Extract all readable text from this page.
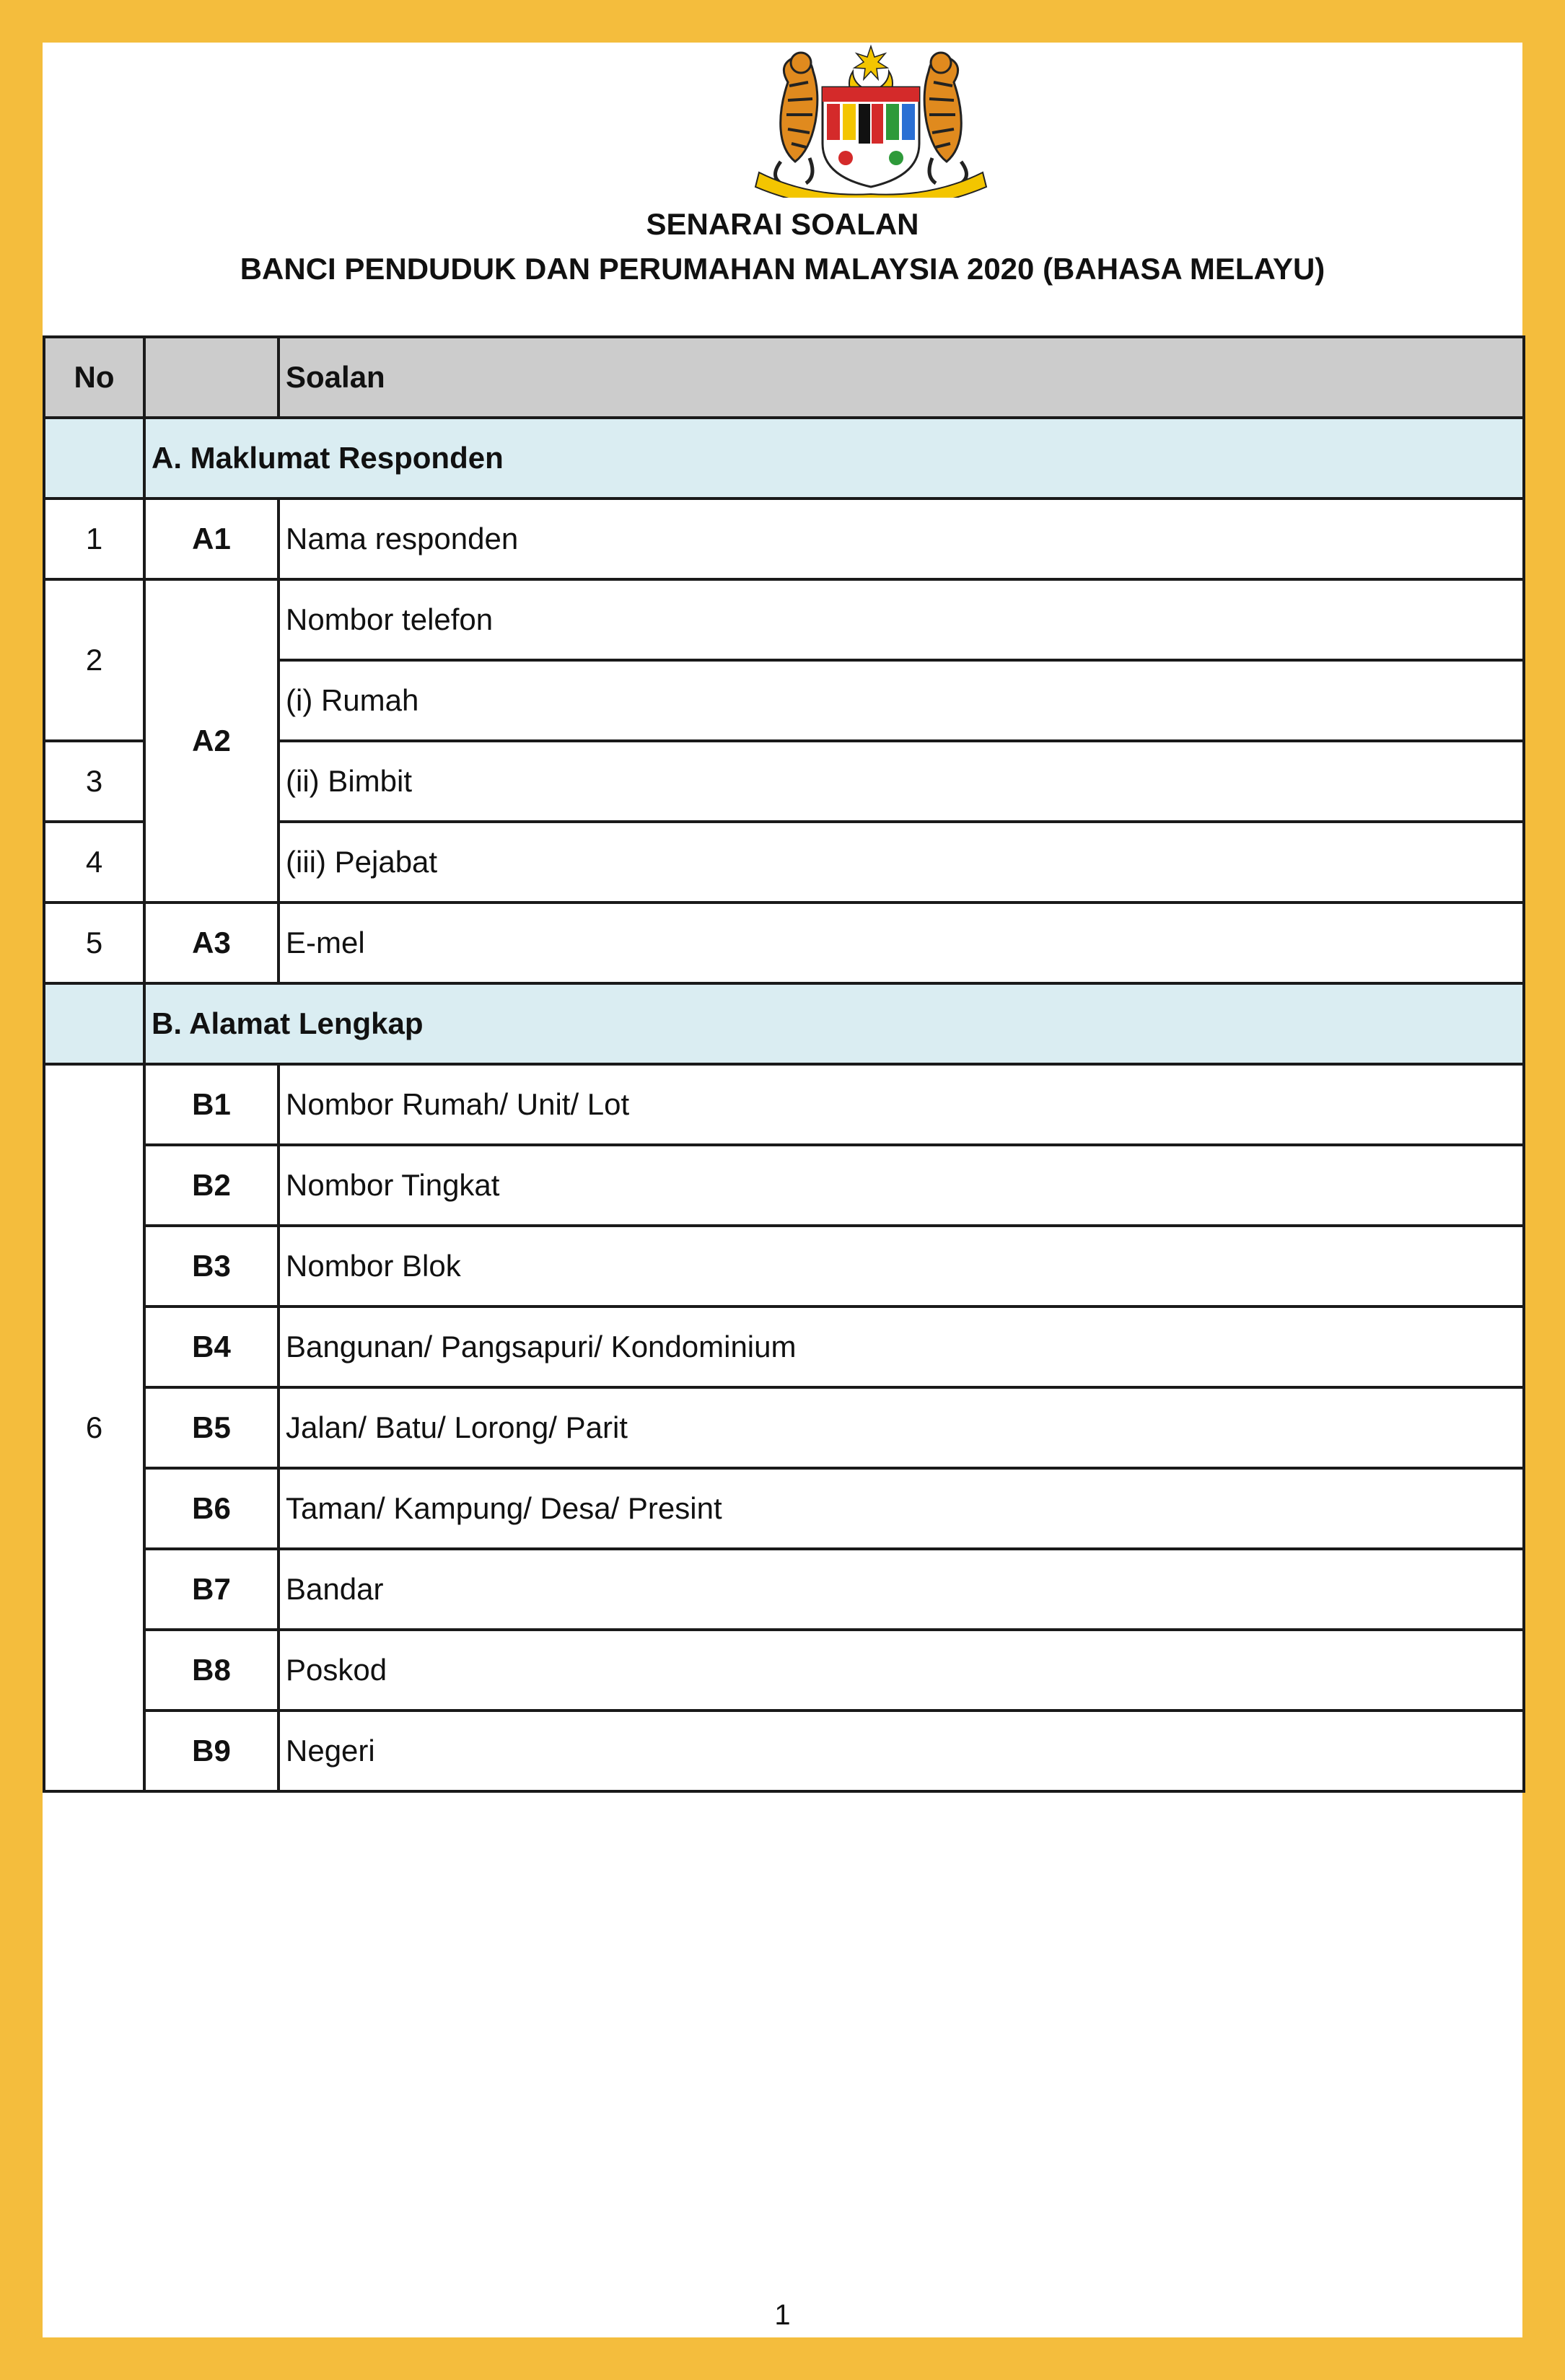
SENARAI SOALAN
BANCI PENDUDUK DAN PERUMAHAN MALAYSIA 2020 (BAHASA MELAYU)
No		Soalan
	A. Maklumat Responden	
1	A1	Nama responden
2	A2	Nombor telefon
		(i) Rumah
3		(ii) Bimbit
4		(iii) Pejabat
5	A3	E-mel
	B. Alamat Lengkap	
6	B1	Nombor Rumah/ Unit/ Lot
	B2	Nombor Tingkat
	B3	Nombor Blok
	B4	Bangunan/ Pangsapuri/ Kondominium
	B5	Jalan/ Batu/ Lorong/ Parit
	B6	Taman/ Kampung/ Desa/ Presint
	B7	Bandar
	B8	Poskod
	B9	Negeri
1
